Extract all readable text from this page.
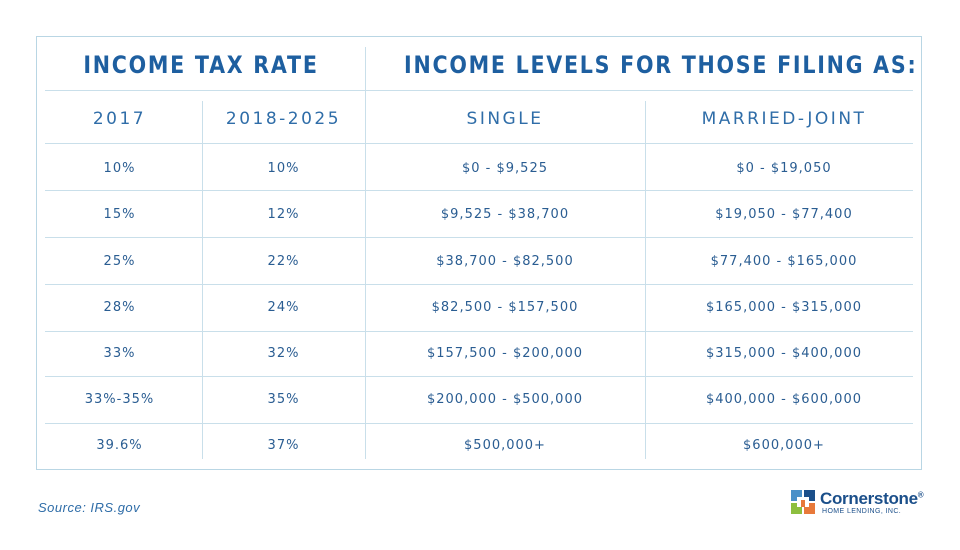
INCOME TAX RATE	INCOME LEVELS FOR THOSE FILING AS:
2017	2018-2025	SINGLE	MARRIED-JOINT
10%	10%	$0 - $9,525	$0 - $19,050
15%	12%	$9,525 - $38,700	$19,050 - $77,400
25%	22%	$38,700 - $82,500	$77,400 - $165,000
28%	24%	$82,500 - $157,500	$165,000 - $315,000
33%	32%	$157,500 - $200,000	$315,000 - $400,000
33%-35%	35%	$200,000 - $500,000	$400,000 - $600,000
39.6%	37%	$500,000+	$600,000+
Source: IRS.gov	Cornerstone®
HOME LENDING, INC.
